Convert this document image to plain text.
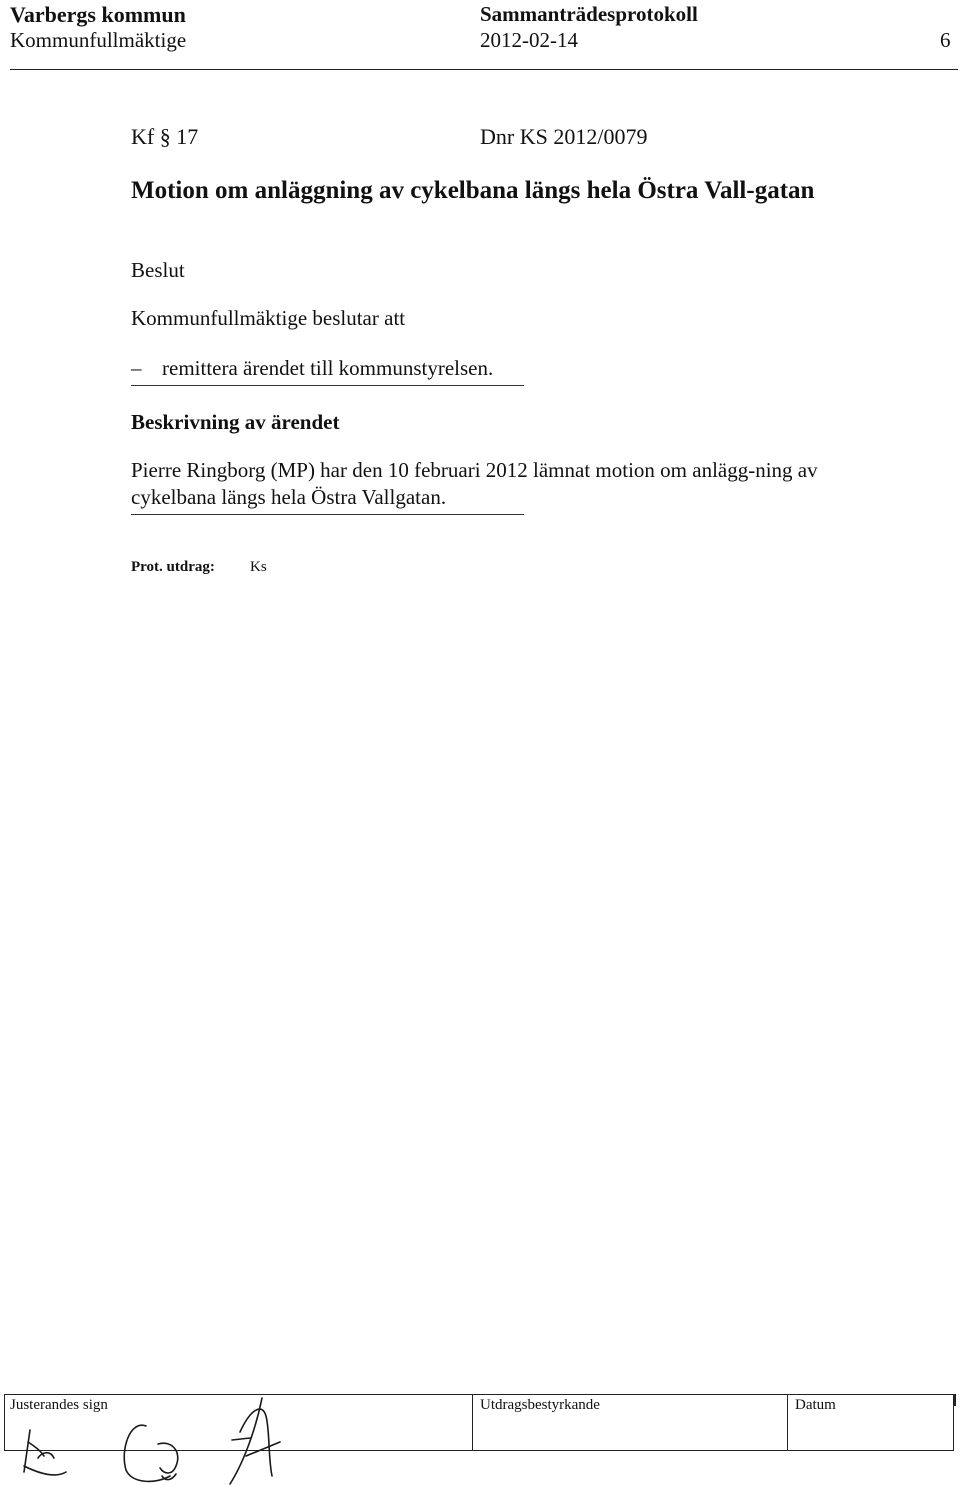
Varbergs kommun
Kommunfullmäktige
Sammanträdesprotokoll
2012-02-14	6
Kf § 17	Dnr KS 2012/0079
Motion om anläggning av cykelbana längs hela Östra Vall-gatan
Beslut
Kommunfullmäktige beslutar att
– remittera ärendet till kommunstyrelsen.
Beskrivning av ärendet
Pierre Ringborg (MP) har den 10 februari 2012 lämnat motion om anlägg-ning av cykelbana längs hela Östra Vallgatan.
Prot. utdrag: Ks
Justerandes sign	Utdragsbestyrkande	Datum
